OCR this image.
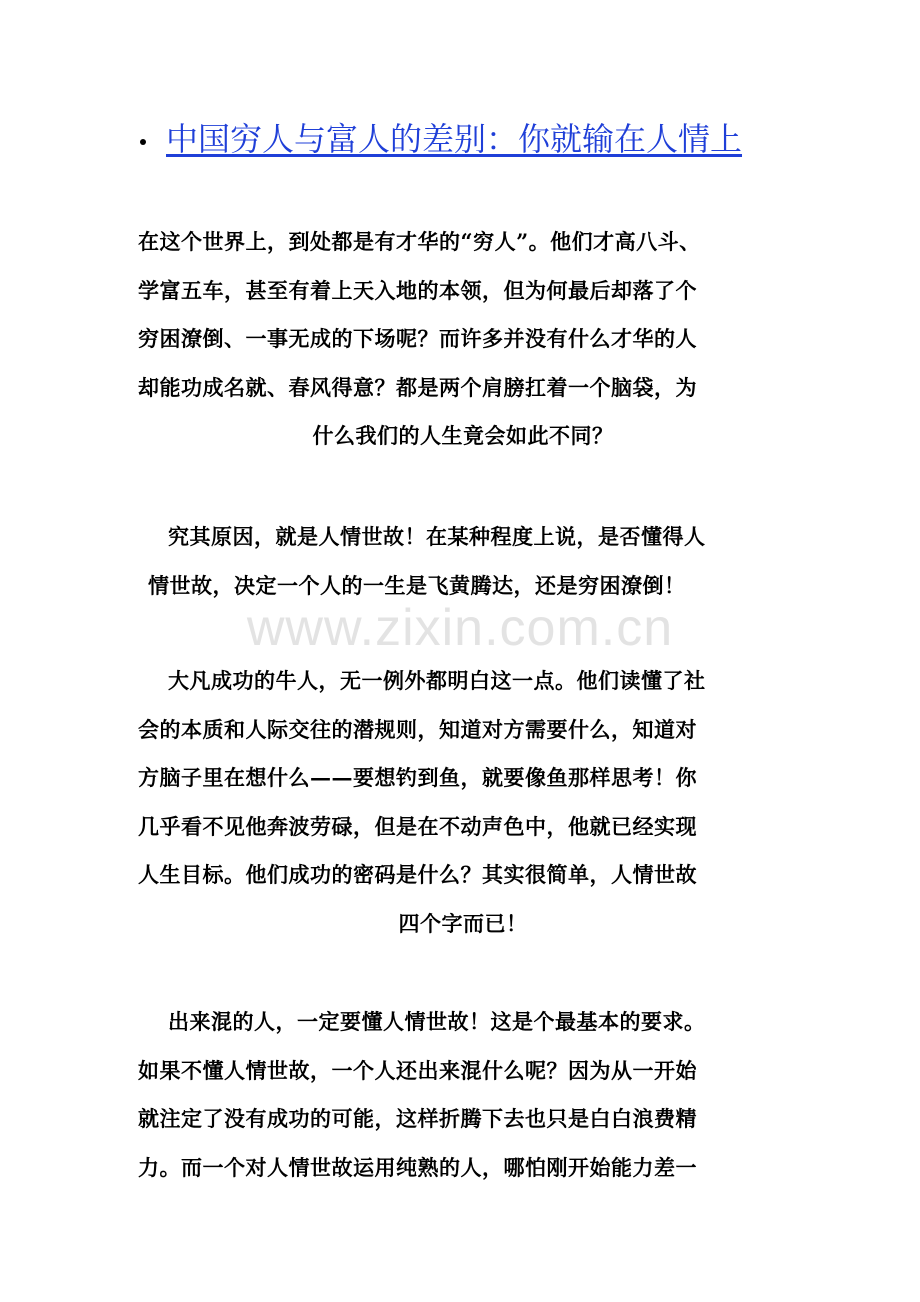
中国穷人与富人的差别：你就输在人情上
www.zixin.com.cn
在这个世界上，到处都是有才华的“穷人”。他们才高八斗、
学富五车，甚至有着上天入地的本领，但为何最后却落了个
穷困潦倒、一事无成的下场呢？而许多并没有什么才华的人
却能功成名就、春风得意？都是两个肩膀扛着一个脑袋，为
什么我们的人生竟会如此不同？
究其原因，就是人情世故！在某种程度上说，是否懂得人
情世故，决定一个人的一生是飞黄腾达，还是穷困潦倒！
大凡成功的牛人，无一例外都明白这一点。他们读懂了社
会的本质和人际交往的潜规则，知道对方需要什么，知道对
方脑子里在想什么——要想钓到鱼，就要像鱼那样思考！你
几乎看不见他奔波劳碌，但是在不动声色中，他就已经实现
人生目标。他们成功的密码是什么？其实很简单，人情世故
四个字而已！
出来混的人，一定要懂人情世故！这是个最基本的要求。
如果不懂人情世故，一个人还出来混什么呢？因为从一开始
就注定了没有成功的可能，这样折腾下去也只是白白浪费精
力。而一个对人情世故运用纯熟的人，哪怕刚开始能力差一
